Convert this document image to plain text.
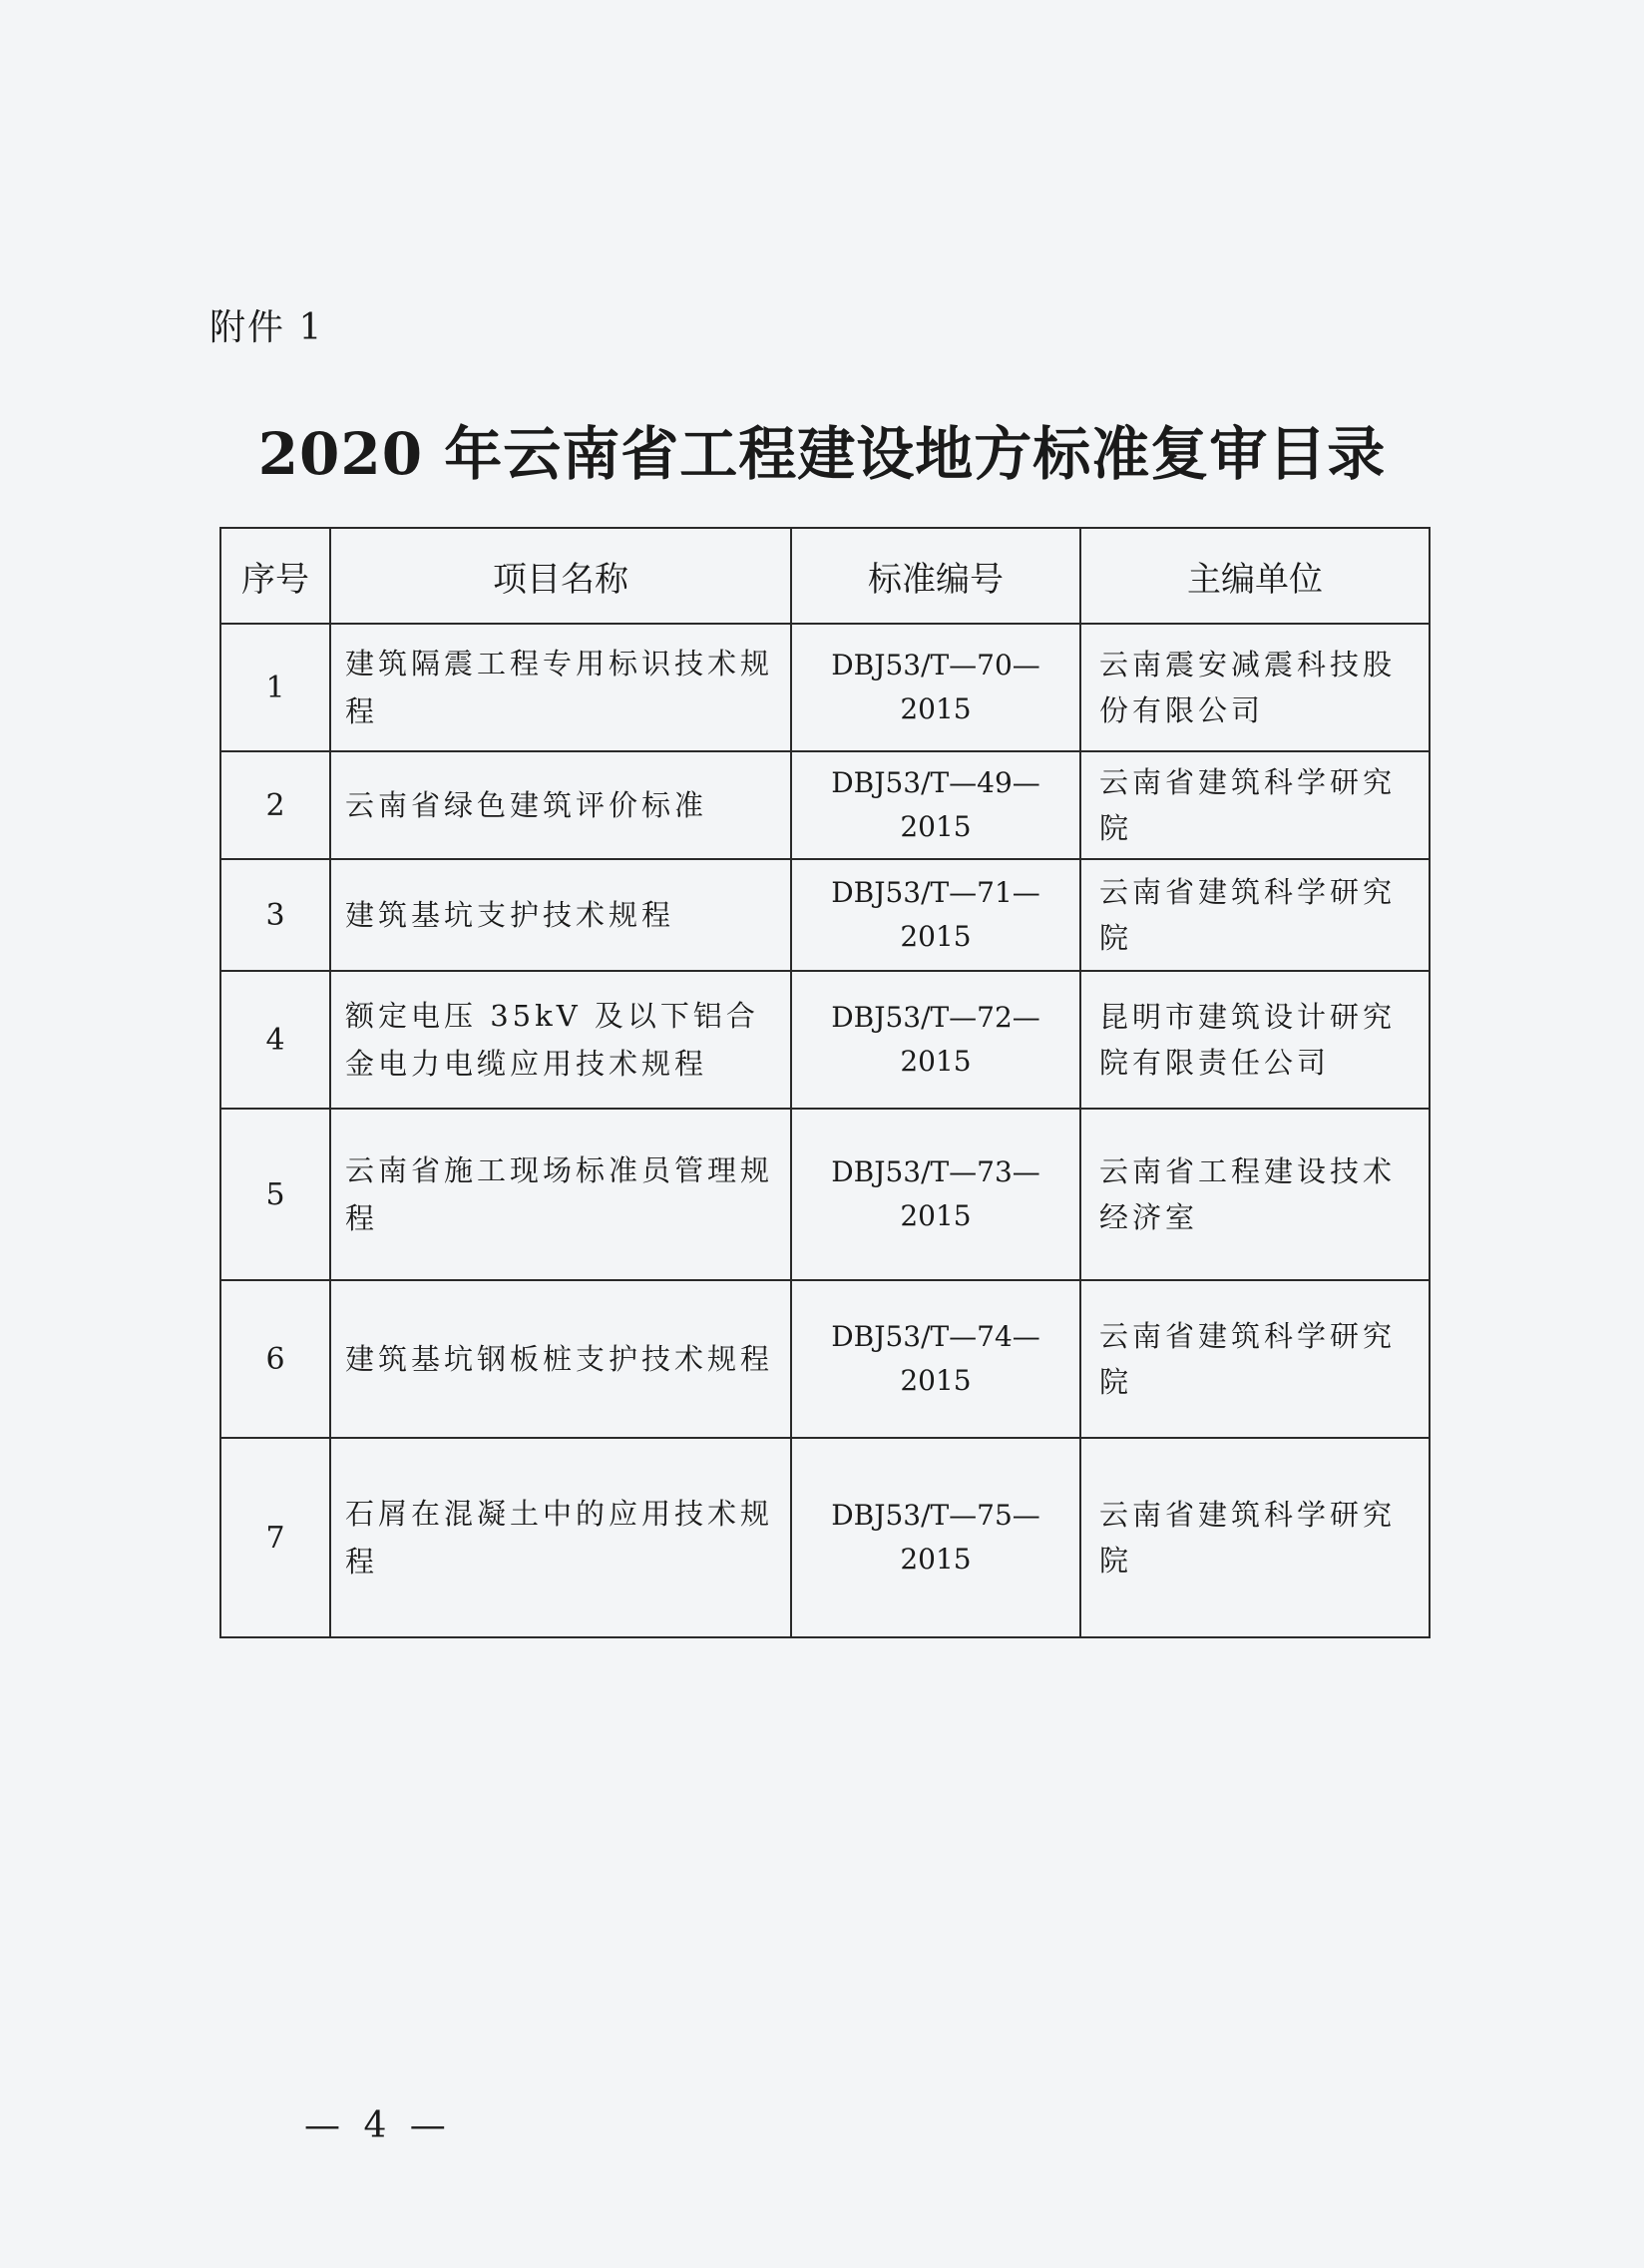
附件 1
2020 年云南省工程建设地方标准复审目录
序号	项目名称	标准编号	主编单位
1	建筑隔震工程专用标识技术规程	DBJ53/T—70—2015	云南震安减震科技股份有限公司
2	云南省绿色建筑评价标准	DBJ53/T—49—2015	云南省建筑科学研究院
3	建筑基坑支护技术规程	DBJ53/T—71—2015	云南省建筑科学研究院
4	额定电压 35kV 及以下铝合金电力电缆应用技术规程	DBJ53/T—72—2015	昆明市建筑设计研究院有限责任公司
5	云南省施工现场标准员管理规程	DBJ53/T—73—2015	云南省工程建设技术经济室
6	建筑基坑钢板桩支护技术规程	DBJ53/T—74—2015	云南省建筑科学研究院
7	石屑在混凝土中的应用技术规程	DBJ53/T—75—2015	云南省建筑科学研究院
— 4 —
